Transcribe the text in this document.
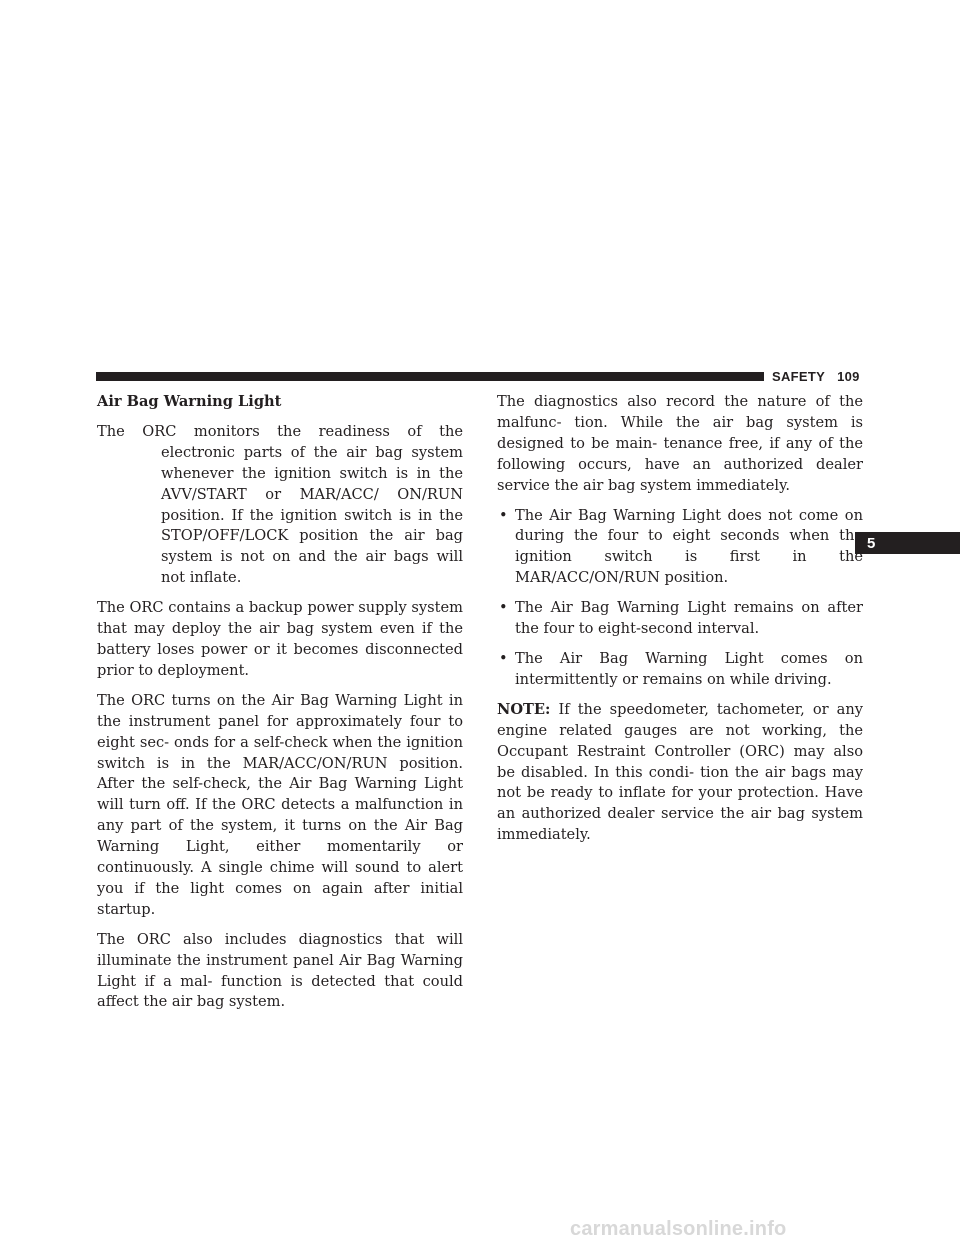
SAFETY 109
5

Air Bag Warning Light

The ORC monitors the readiness of the electronic parts of the air bag system whenever the ignition switch is in the AVV/START or MAR/ACC/ ON/RUN position. If the ignition switch is in the STOP/OFF/LOCK position the air bag system is not on and the air bags will not inflate.

The ORC contains a backup power supply system that may deploy the air bag system even if the battery loses power or it becomes disconnected prior to deployment.

The ORC turns on the Air Bag Warning Light in the instrument panel for approximately four to eight sec- onds for a self-check when the ignition switch is in the MAR/ACC/ON/RUN position. After the self-check, the Air Bag Warning Light will turn off. If the ORC detects a malfunction in any part of the system, it turns on the Air Bag Warning Light, either momentarily or continuously. A single chime will sound to alert you if the light comes on again after initial startup.

The ORC also includes diagnostics that will illuminate the instrument panel Air Bag Warning Light if a mal- function is detected that could affect the air bag system.

The diagnostics also record the nature of the malfunc- tion. While the air bag system is designed to be main- tenance free, if any of the following occurs, have an authorized dealer service the air bag system immediately.

• The Air Bag Warning Light does not come on during the four to eight seconds when the ignition switch is first in the MAR/ACC/ON/RUN position.
• The Air Bag Warning Light remains on after the four to eight-second interval.
• The Air Bag Warning Light comes on intermittently or remains on while driving.

NOTE: If the speedometer, tachometer, or any engine related gauges are not working, the Occupant Restraint Controller (ORC) may also be disabled. In this condi- tion the air bags may not be ready to inflate for your protection. Have an authorized dealer service the air bag system immediately.

carmanualsonline.info
